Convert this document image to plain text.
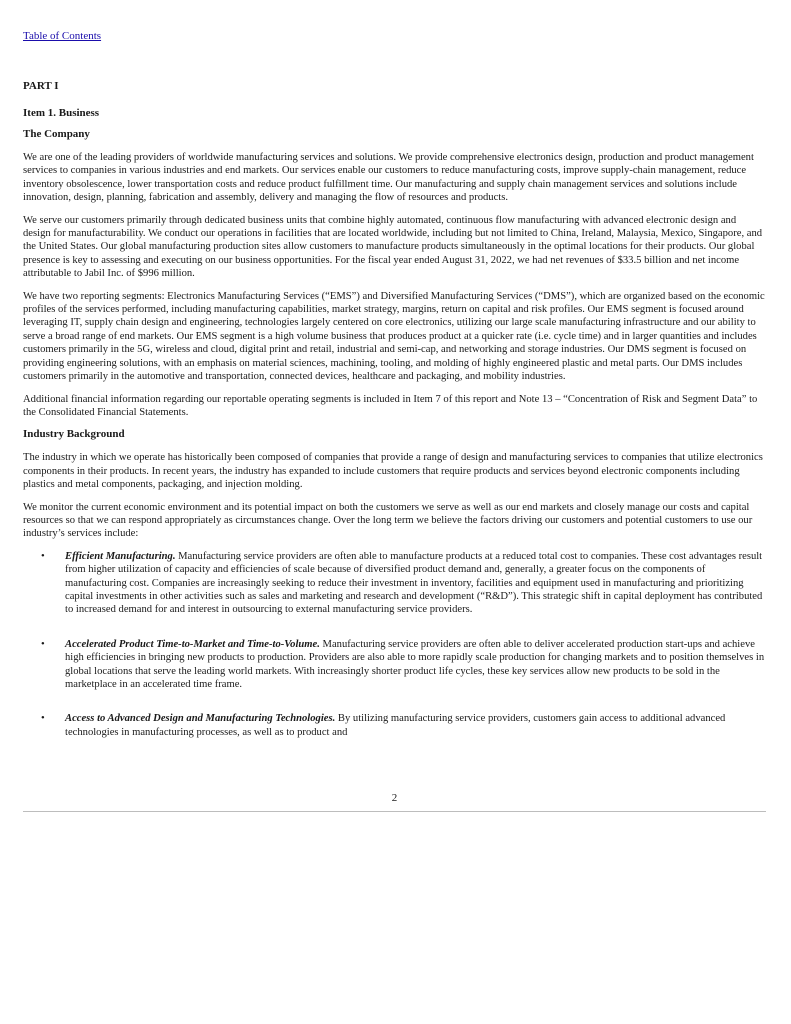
Table of Contents
PART I
Item 1. Business
The Company

We are one of the leading providers of worldwide manufacturing services and solutions. We provide comprehensive electronics design, production and product management services to companies in various industries and end markets. Our services enable our customers to reduce manufacturing costs, improve supply-chain management, reduce inventory obsolescence, lower transportation costs and reduce product fulfillment time. Our manufacturing and supply chain management services and solutions include innovation, design, planning, fabrication and assembly, delivery and managing the flow of resources and products.

We serve our customers primarily through dedicated business units that combine highly automated, continuous flow manufacturing with advanced electronic design and design for manufacturability. We conduct our operations in facilities that are located worldwide, including but not limited to China, Ireland, Malaysia, Mexico, Singapore, and the United States. Our global manufacturing production sites allow customers to manufacture products simultaneously in the optimal locations for their products. Our global presence is key to assessing and executing on our business opportunities. For the fiscal year ended August 31, 2022, we had net revenues of $33.5 billion and net income attributable to Jabil Inc. of $996 million.

We have two reporting segments: Electronics Manufacturing Services (“EMS”) and Diversified Manufacturing Services (“DMS”), which are organized based on the economic profiles of the services performed, including manufacturing capabilities, market strategy, margins, return on capital and risk profiles. Our EMS segment is focused around leveraging IT, supply chain design and engineering, technologies largely centered on core electronics, utilizing our large scale manufacturing infrastructure and our ability to serve a broad range of end markets. Our EMS segment is a high volume business that produces product at a quicker rate (i.e. cycle time) and in larger quantities and includes customers primarily in the 5G, wireless and cloud, digital print and retail, industrial and semi-cap, and networking and storage industries. Our DMS segment is focused on providing engineering solutions, with an emphasis on material sciences, machining, tooling, and molding of highly engineered plastic and metal parts. Our DMS includes customers primarily in the automotive and transportation, connected devices, healthcare and packaging, and mobility industries.

Additional financial information regarding our reportable operating segments is included in Item 7 of this report and Note 13 – “Concentration of Risk and Segment Data” to the Consolidated Financial Statements.

Industry Background

The industry in which we operate has historically been composed of companies that provide a range of design and manufacturing services to companies that utilize electronics components in their products. In recent years, the industry has expanded to include customers that require products and services beyond electronic components including plastics and metal components, packaging, and injection molding.

We monitor the current economic environment and its potential impact on both the customers we serve as well as our end markets and closely manage our costs and capital resources so that we can respond appropriately as circumstances change. Over the long term we believe the factors driving our customers and potential customers to use our industry’s services include:

• Efficient Manufacturing. Manufacturing service providers are often able to manufacture products at a reduced total cost to companies. These cost advantages result from higher utilization of capacity and efficiencies of scale because of diversified product demand and, generally, a greater focus on the components of manufacturing cost. Companies are increasingly seeking to reduce their investment in inventory, facilities and equipment used in manufacturing and prioritizing capital investments in other activities such as sales and marketing and research and development (“R&D”). This strategic shift in capital deployment has contributed to increased demand for and interest in outsourcing to external manufacturing service providers.
• Accelerated Product Time-to-Market and Time-to-Volume. Manufacturing service providers are often able to deliver accelerated production start-ups and achieve high efficiencies in bringing new products to production. Providers are also able to more rapidly scale production for changing markets and to position themselves in global locations that serve the leading world markets. With increasingly shorter product life cycles, these key services allow new products to be sold in the marketplace in an accelerated time frame.
• Access to Advanced Design and Manufacturing Technologies. By utilizing manufacturing service providers, customers gain access to additional advanced technologies in manufacturing processes, as well as to product and
2
